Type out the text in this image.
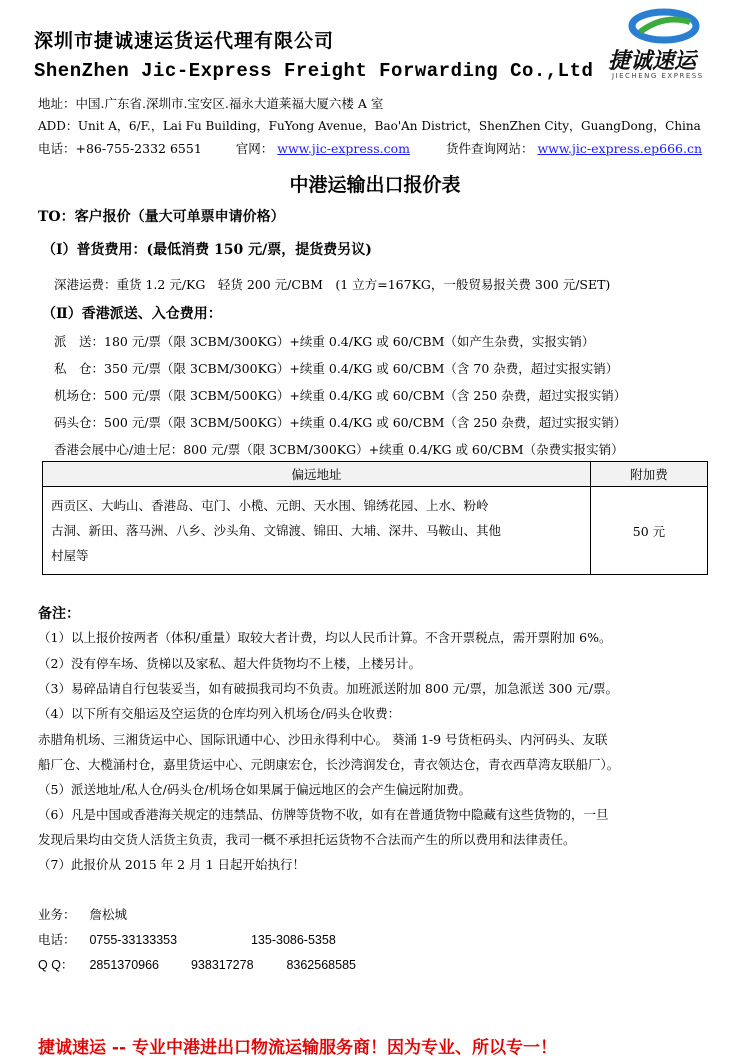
深圳市捷诚速运货运代理有限公司
ShenZhen Jic-Express Freight Forwarding Co.,Ltd 捷诚速运
JIECHENG EXPRESS
地址：中国.广东省.深圳市.宝安区.福永大道莱福大厦六楼 A 室
ADD：Unit A，6/F.，Lai Fu Building，FuYong Avenue，Bao'An District，ShenZhen City，GuangDong，China
电话：+86-755-2332 6551	官网： www.jic-express.com	货件查询网站： www.jic-express.ep666.cn
中港运输出口报价表
TO：客户报价（量大可单票申请价格）
（Ⅰ）普货费用：(最低消费 150 元/票，提货费另议)
深港运费：重货 1.2 元/KG　轻货 200 元/CBM　(1 立方=167KG，一般贸易报关费 300 元/SET)
（Ⅱ）香港派送、入仓费用：
派　送：180 元/票（限 3CBM/300KG）+续重 0.4/KG 或 60/CBM（如产生杂费，实报实销）
私　仓：350 元/票（限 3CBM/300KG）+续重 0.4/KG 或 60/CBM（含 70 杂费，超过实报实销）
机场仓：500 元/票（限 3CBM/500KG）+续重 0.4/KG 或 60/CBM（含 250 杂费，超过实报实销）
码头仓：500 元/票（限 3CBM/500KG）+续重 0.4/KG 或 60/CBM（含 250 杂费，超过实报实销）
香港会展中心/迪士尼：800 元/票（限 3CBM/300KG）+续重 0.4/KG 或 60/CBM（杂费实报实销）
偏远地址	附加费

西贡区、大屿山、香港岛、屯门、小榄、元朗、天水围、锦绣花园、上水、粉岭
古洞、新田、落马洲、八乡、沙头角、文锦渡、锦田、大埔、深井、马鞍山、其他
村屋等	50 元
备注：
（1）以上报价按两者（体积/重量）取较大者计费，均以人民币计算。不含开票税点，需开票附加 6%。
（2）没有停车场、货梯以及家私、超大件货物均不上楼，上楼另计。
（3）易碎品请自行包装妥当，如有破损我司均不负责。加班派送附加 800 元/票，加急派送 300 元/票。
（4）以下所有交船运及空运货的仓库均列入机场仓/码头仓收费：
赤腊角机场、三湘货运中心、国际讯通中心、沙田永得利中心。 葵涌 1-9 号货柜码头、内河码头、友联
船厂仓、大榄涌村仓，嘉里货运中心、元朗康宏仓，长沙湾润发仓，青衣领达仓，青衣西草湾友联船厂）。
（5）派送地址/私人仓/码头仓/机场仓如果属于偏远地区的会产生偏远附加费。
（6）凡是中国或香港海关规定的违禁品、仿牌等货物不收，如有在普通货物中隐藏有这些货物的，一旦
发现后果均由交货人活货主负责，我司一概不承担托运货物不合法而产生的所以费用和法律责任。
（7）此报价从 2015 年 2 月 1 日起开始执行！
业务： 詹松城
电话： 0755-33133353	135-3086-5358
Q Q： 2851370966	938317278	8362568585
捷诚速运 -- 专业中港进出口物流运输服务商！因为专业、所以专一！
